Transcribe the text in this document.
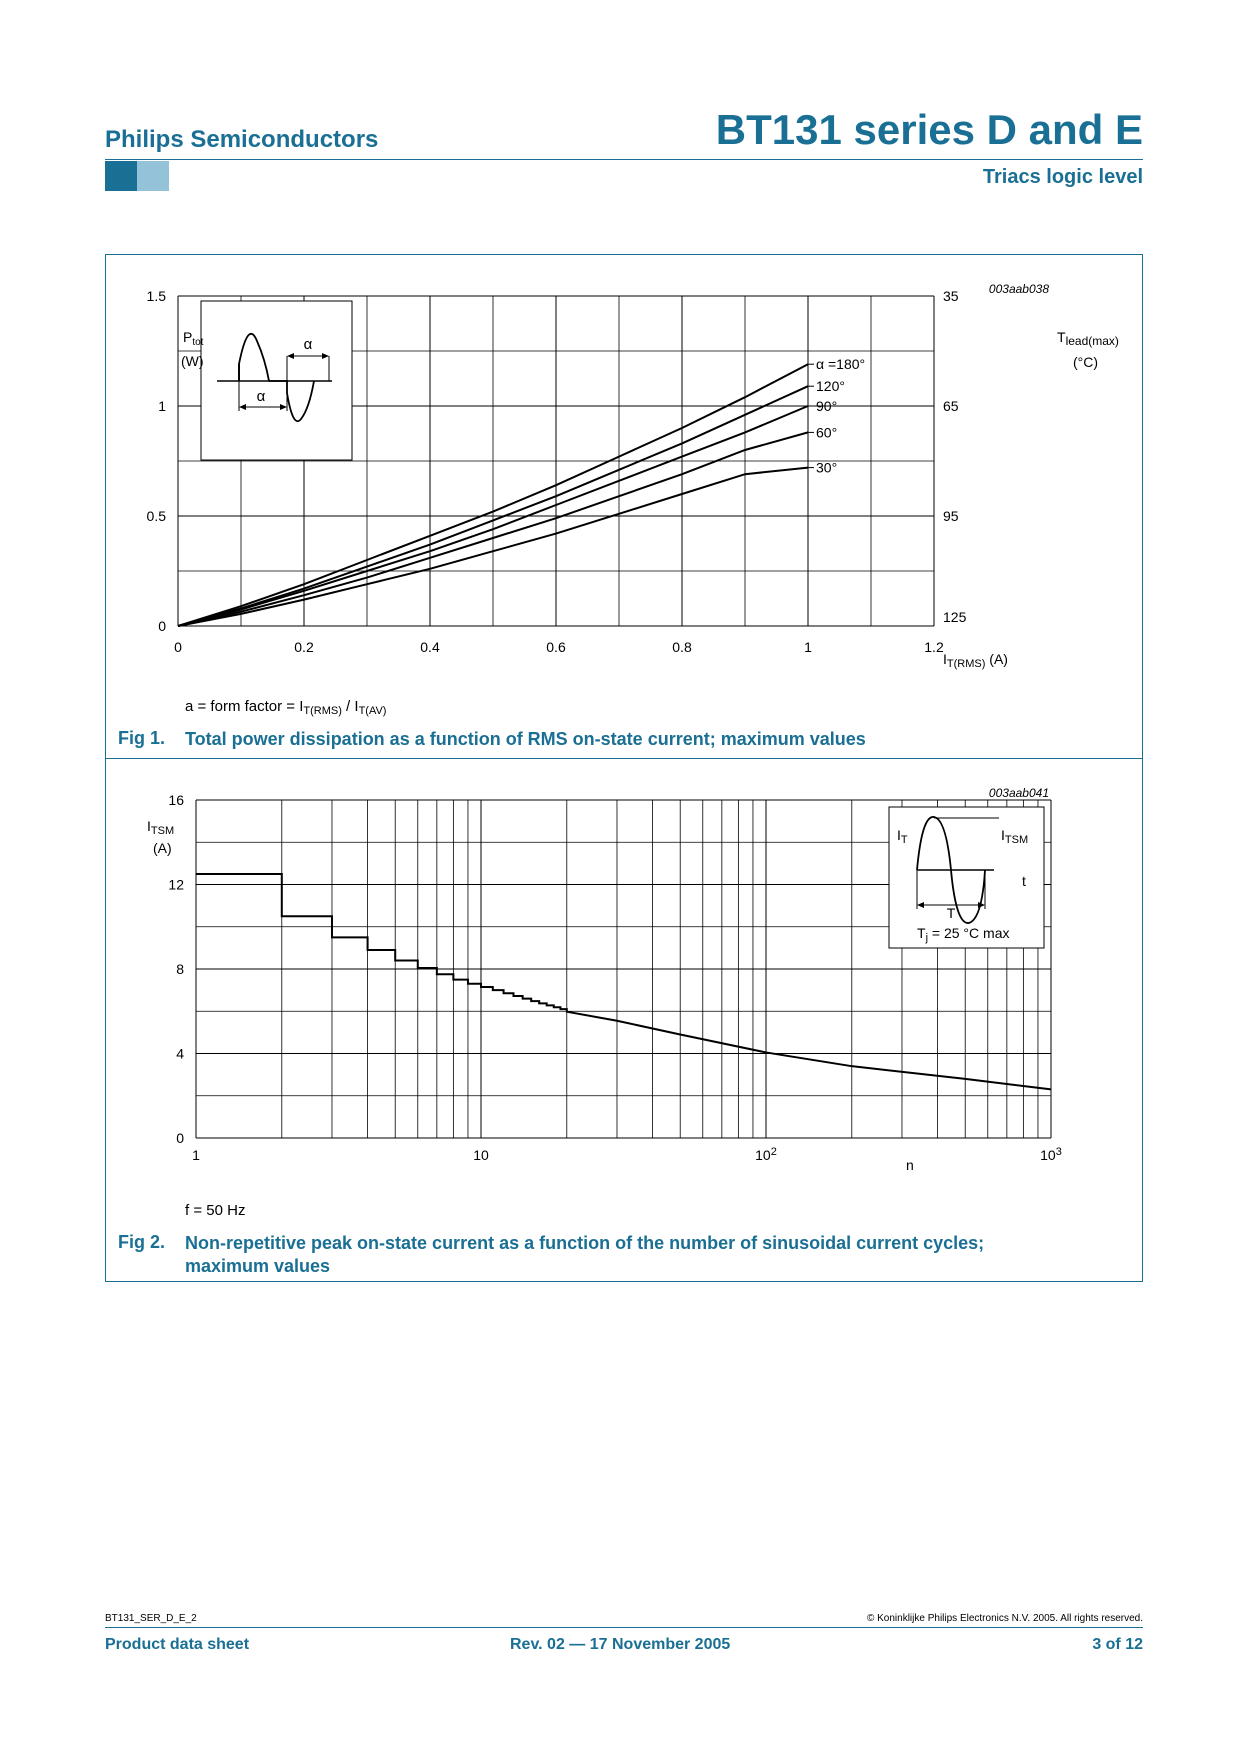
Philips Semiconductors	BT131 series D and E
Triacs logic level
0	0.2	0.4	0.6	0.8	1	1.2
0
0.5
1
1.5
125
95
65
35
α =180°
120°
90°
60°
30°
α
α
003aab038
$P_{tot}$
(W)
Tlead(max)
(°C)
$I_{T(RMS)}$ (A)
a = form factor = $I_{T(RMS)} / I_{T(AV)}$
Fig 1. Total power dissipation as a function of RMS on-state current; maximum values
0
4
8
12
16
1	10	$10^2$	$10^3$
$I_T$	$I_{TSM}$
t
T
$T_j = 25$ °C max
003aab041
$I_{TSM}$
(A)
n
f = 50 Hz
Fig 2. Non-repetitive peak on-state current as a function of the number of sinusoidal current cycles; maximum values
BT131_SER_D_E_2	© Koninklijke Philips Electronics N.V. 2005. All rights reserved.
Product data sheet	Rev. 02 — 17 November 2005	3 of 12
